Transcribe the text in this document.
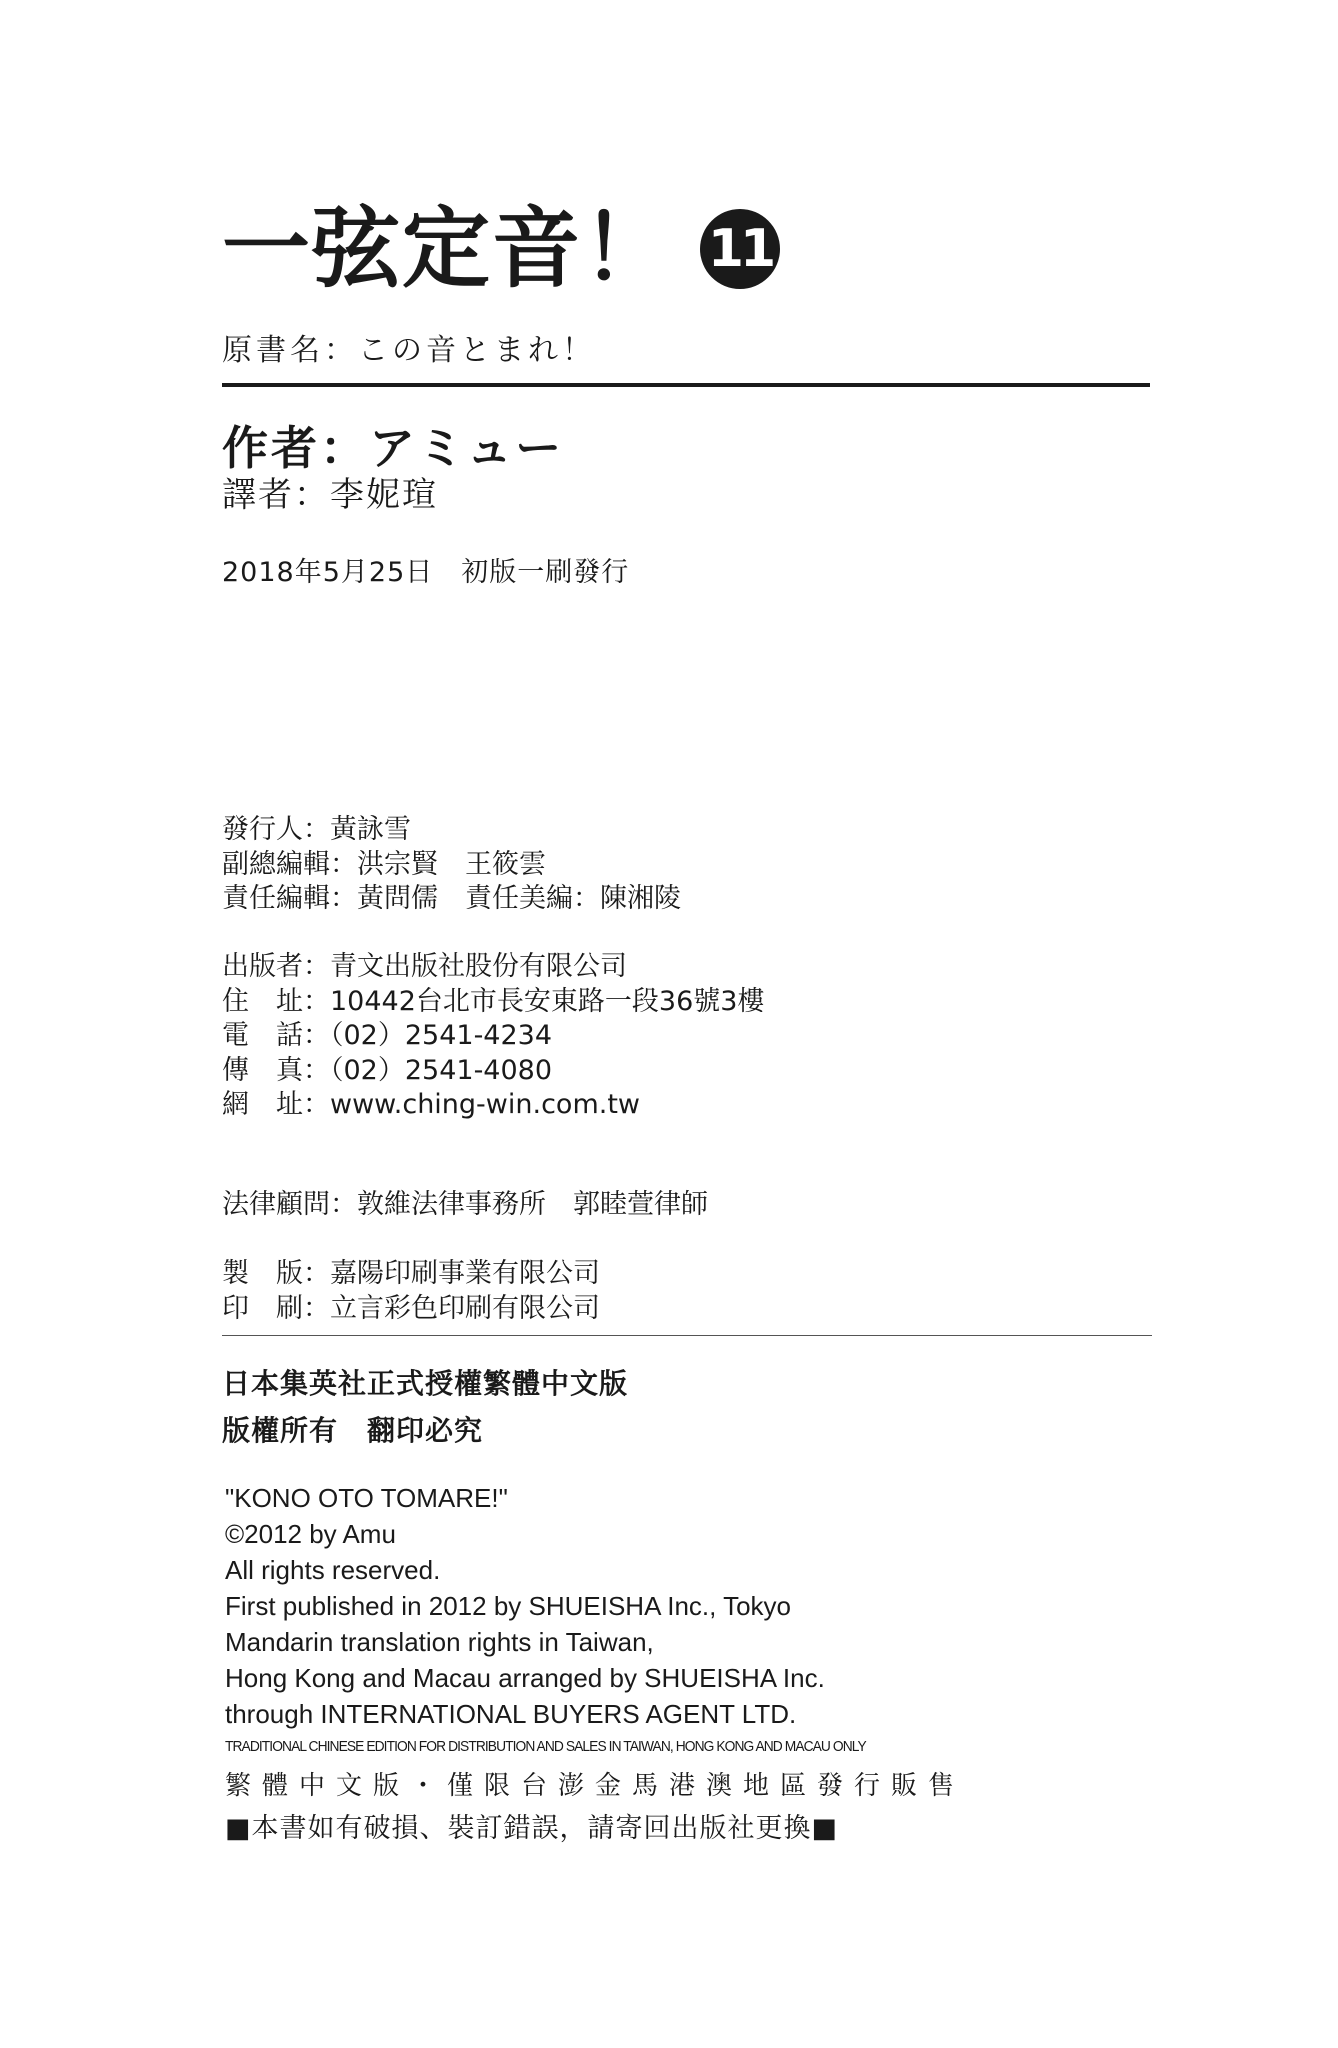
一弦定音！ 11
原書名：この音とまれ！
作者：アミュー
譯者：李妮瑄
2018年5月25日　初版一刷發行
發行人：黃詠雪
副總編輯：洪宗賢　王筱雲
責任編輯：黃問儒　責任美編：陳湘陵
出版者：青文出版社股份有限公司
住　址：10442台北市長安東路一段36號3樓
電　話：（02）2541-4234
傳　真：（02）2541-4080
網　址：www.ching-win.com.tw
法律顧問：敦維法律事務所　郭睦萱律師
製　版：嘉陽印刷事業有限公司
印　刷：立言彩色印刷有限公司
日本集英社正式授權繁體中文版
版權所有　翻印必究
"KONO OTO TOMARE!"
©2012 by Amu
All rights reserved.
First published in 2012 by SHUEISHA Inc., Tokyo
Mandarin translation rights in Taiwan,
Hong Kong and Macau arranged by SHUEISHA Inc.
through INTERNATIONAL BUYERS AGENT LTD.
TRADITIONAL CHINESE EDITION FOR DISTRIBUTION AND SALES IN TAIWAN, HONG KONG AND MACAU ONLY
繁體中文版・僅限台澎金馬港澳地區發行販售
■本書如有破損、裝訂錯誤，請寄回出版社更換■
